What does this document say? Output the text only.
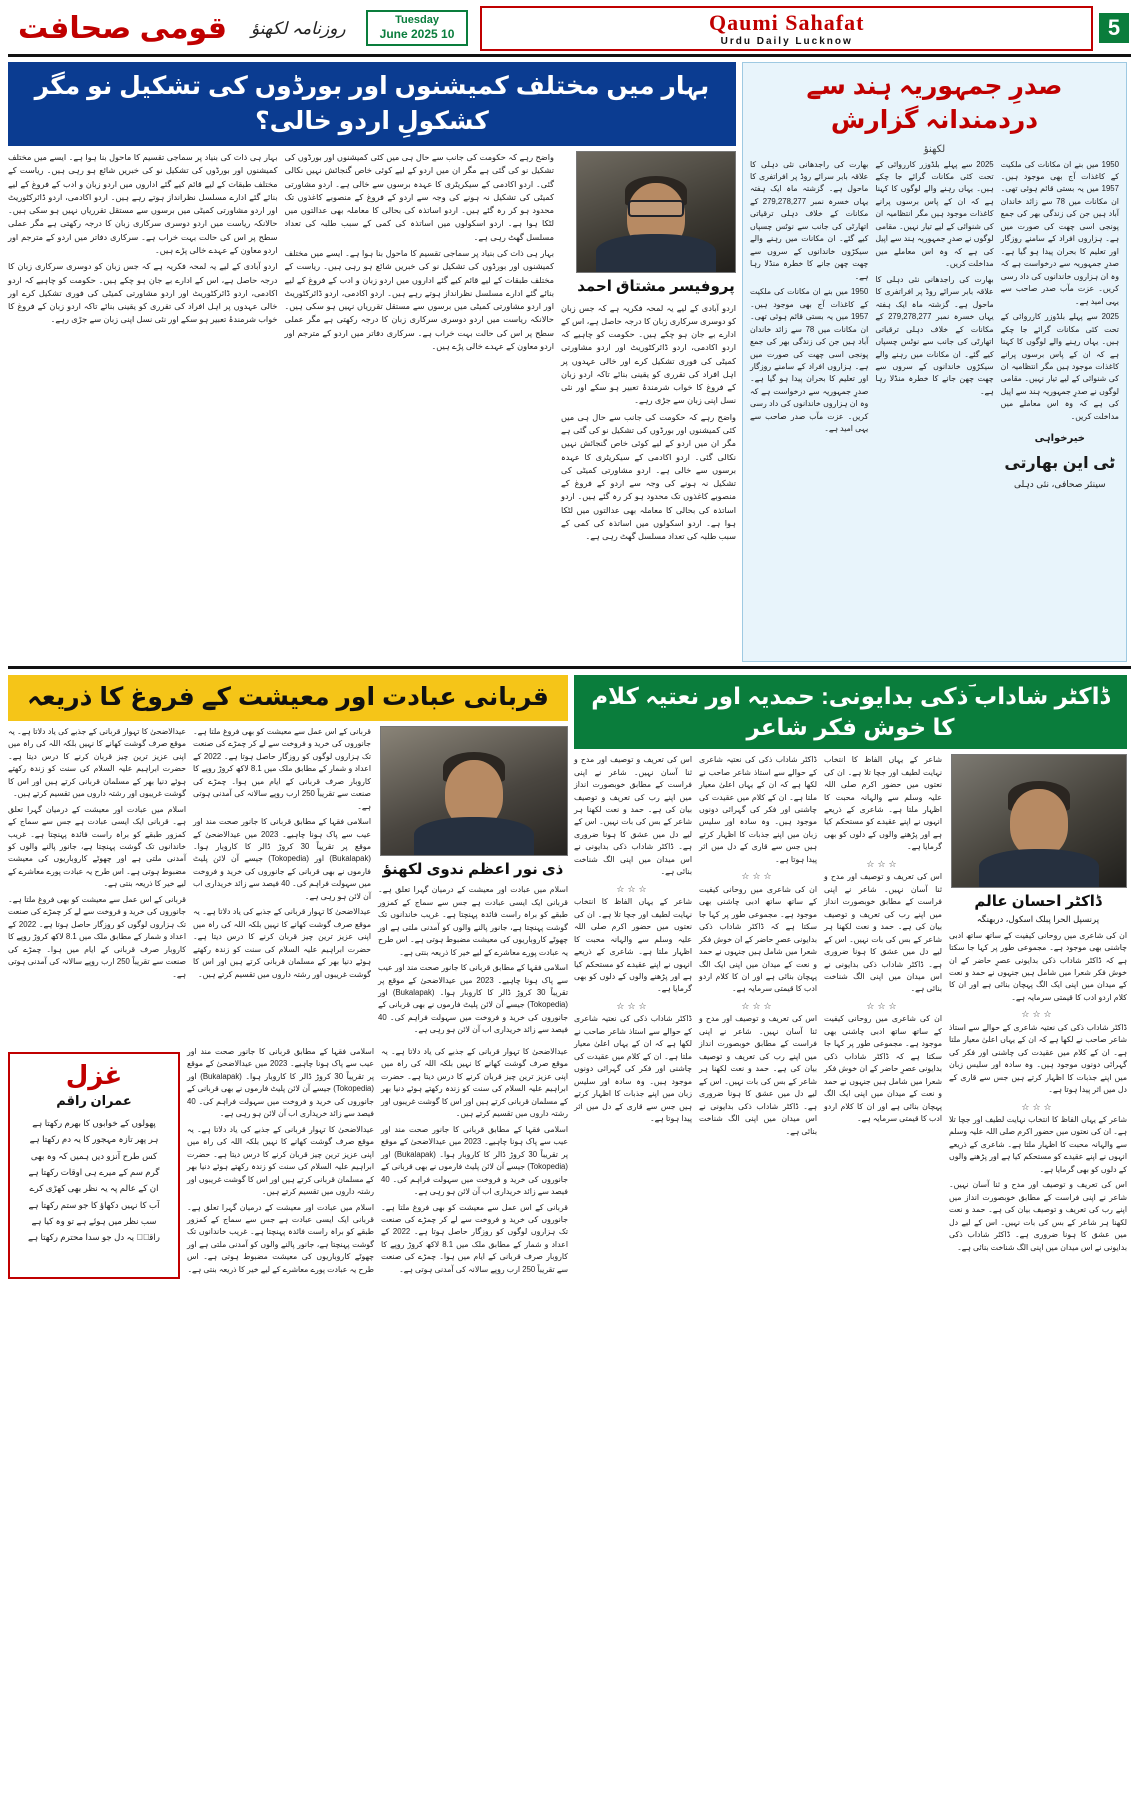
قومی صحافت	روزنامہ لکھنؤ	Tuesday
10 June 2025	Qaumi Sahafat
Urdu Daily Lucknow
5
بہار میں مختلف کمیشنوں اور بورڈوں کی تشکیل نو مگر کشکولِ اردو خالی؟

بہار ہی ذات کی بنیاد پر سماجی تقسیم کا ماحول بنا ہوا ہے۔ ایسے میں مختلف کمیشنوں اور بورڈوں کی تشکیل نو کی خبریں شائع ہو رہی ہیں۔ ریاست کے مختلف طبقات کے لیے قائم کیے گئے اداروں میں اردو زبان و ادب کے فروغ کے لیے بنائے گئے ادارے مسلسل نظرانداز ہوتے رہے ہیں۔ اردو اکادمی، اردو ڈائرکٹوریٹ اور اردو مشاورتی کمیٹی میں برسوں سے مستقل تقرریاں نہیں ہو سکی ہیں۔ حالانکہ ریاست میں اردو دوسری سرکاری زبان کا درجہ رکھتی ہے مگر عملی سطح پر اس کی حالت بہت خراب ہے۔ سرکاری دفاتر میں اردو کے مترجم اور اردو معاون کے عہدے خالی پڑے ہیں۔

اردو آبادی کے لیے یہ لمحہ فکریہ ہے کہ جس زبان کو دوسری سرکاری زبان کا درجہ حاصل ہے، اس کے ادارے بے جان ہو چکے ہیں۔ حکومت کو چاہیے کہ اردو اکادمی، اردو ڈائرکٹوریٹ اور اردو مشاورتی کمیٹی کی فوری تشکیل کرے اور خالی عہدوں پر اہل افراد کی تقرری کو یقینی بنائے تاکہ اردو زبان کے فروغ کا خواب شرمندۂ تعبیر ہو سکے اور نئی نسل اپنی زبان سے جڑی رہے۔

واضح رہے کہ حکومت کی جانب سے حال ہی میں کئی کمیشنوں اور بورڈوں کی تشکیل نو کی گئی ہے مگر ان میں اردو کے لیے کوئی خاص گنجائش نہیں نکالی گئی۔ اردو اکادمی کے سیکریٹری کا عہدہ برسوں سے خالی ہے۔ اردو مشاورتی کمیٹی کی تشکیل نہ ہونے کی وجہ سے اردو کے فروغ کے منصوبے کاغذوں تک محدود ہو کر رہ گئے ہیں۔ اردو اساتذہ کی بحالی کا معاملہ بھی عدالتوں میں لٹکا ہوا ہے۔ اردو اسکولوں میں اساتذہ کی کمی کے سبب طلبہ کی تعداد مسلسل گھٹ رہی ہے۔

بہار ہی ذات کی بنیاد پر سماجی تقسیم کا ماحول بنا ہوا ہے۔ ایسے میں مختلف کمیشنوں اور بورڈوں کی تشکیل نو کی خبریں شائع ہو رہی ہیں۔ ریاست کے مختلف طبقات کے لیے قائم کیے گئے اداروں میں اردو زبان و ادب کے فروغ کے لیے بنائے گئے ادارے مسلسل نظرانداز ہوتے رہے ہیں۔ اردو اکادمی، اردو ڈائرکٹوریٹ اور اردو مشاورتی کمیٹی میں برسوں سے مستقل تقرریاں نہیں ہو سکی ہیں۔ حالانکہ ریاست میں اردو دوسری سرکاری زبان کا درجہ رکھتی ہے مگر عملی سطح پر اس کی حالت بہت خراب ہے۔ سرکاری دفاتر میں اردو کے مترجم اور اردو معاون کے عہدے خالی پڑے ہیں۔

پروفیسر مشتاق احمد

اردو آبادی کے لیے یہ لمحہ فکریہ ہے کہ جس زبان کو دوسری سرکاری زبان کا درجہ حاصل ہے، اس کے ادارے بے جان ہو چکے ہیں۔ حکومت کو چاہیے کہ اردو اکادمی، اردو ڈائرکٹوریٹ اور اردو مشاورتی کمیٹی کی فوری تشکیل کرے اور خالی عہدوں پر اہل افراد کی تقرری کو یقینی بنائے تاکہ اردو زبان کے فروغ کا خواب شرمندۂ تعبیر ہو سکے اور نئی نسل اپنی زبان سے جڑی رہے۔

واضح رہے کہ حکومت کی جانب سے حال ہی میں کئی کمیشنوں اور بورڈوں کی تشکیل نو کی گئی ہے مگر ان میں اردو کے لیے کوئی خاص گنجائش نہیں نکالی گئی۔ اردو اکادمی کے سیکریٹری کا عہدہ برسوں سے خالی ہے۔ اردو مشاورتی کمیٹی کی تشکیل نہ ہونے کی وجہ سے اردو کے فروغ کے منصوبے کاغذوں تک محدود ہو کر رہ گئے ہیں۔ اردو اساتذہ کی بحالی کا معاملہ بھی عدالتوں میں لٹکا ہوا ہے۔ اردو اسکولوں میں اساتذہ کی کمی کے سبب طلبہ کی تعداد مسلسل گھٹ رہی ہے۔

صدرِ جمہوریہ ہند سے دردمندانہ گزارش
لکھنؤ

بھارت کی راجدھانی نئی دہلی کا علاقہ بابر سرائے روڈ پر افراتفری کا ماحول ہے۔ گزشتہ ماہ ایک ہفتہ یہاں خسرہ نمبر 279,278,277 کے مکانات کے خلاف دہلی ترقیاتی اتھارٹی کی جانب سے نوٹس چسپاں کیے گئے۔ ان مکانات میں رہنے والے سیکڑوں خاندانوں کے سروں سے چھت چھن جانے کا خطرہ منڈلا رہا ہے۔

1950 میں بنے ان مکانات کی ملکیت کے کاغذات آج بھی موجود ہیں۔ 1957 میں یہ بستی قائم ہوئی تھی۔ ان مکانات میں 78 سے زائد خاندان آباد ہیں جن کی زندگی بھر کی جمع پونجی اسی چھت کی صورت میں ہے۔ ہزاروں افراد کے سامنے روزگار اور تعلیم کا بحران پیدا ہو گیا ہے۔ صدرِ جمہوریہ سے درخواست ہے کہ وہ ان ہزاروں خاندانوں کی داد رسی کریں۔ عزت مآب صدر صاحب سے یہی امید ہے۔

2025 سے پہلے بلڈوزر کارروائی کے تحت کئی مکانات گرائے جا چکے ہیں۔ یہاں رہنے والے لوگوں کا کہنا ہے کہ ان کے پاس برسوں پرانے کاغذات موجود ہیں مگر انتظامیہ ان کی شنوائی کے لیے تیار نہیں۔ مقامی لوگوں نے صدرِ جمہوریہ ہند سے اپیل کی ہے کہ وہ اس معاملے میں مداخلت کریں۔

بھارت کی راجدھانی نئی دہلی کا علاقہ بابر سرائے روڈ پر افراتفری کا ماحول ہے۔ گزشتہ ماہ ایک ہفتہ یہاں خسرہ نمبر 279,278,277 کے مکانات کے خلاف دہلی ترقیاتی اتھارٹی کی جانب سے نوٹس چسپاں کیے گئے۔ ان مکانات میں رہنے والے سیکڑوں خاندانوں کے سروں سے چھت چھن جانے کا خطرہ منڈلا رہا ہے۔

1950 میں بنے ان مکانات کی ملکیت کے کاغذات آج بھی موجود ہیں۔ 1957 میں یہ بستی قائم ہوئی تھی۔ ان مکانات میں 78 سے زائد خاندان آباد ہیں جن کی زندگی بھر کی جمع پونجی اسی چھت کی صورت میں ہے۔ ہزاروں افراد کے سامنے روزگار اور تعلیم کا بحران پیدا ہو گیا ہے۔ صدرِ جمہوریہ سے درخواست ہے کہ وہ ان ہزاروں خاندانوں کی داد رسی کریں۔ عزت مآب صدر صاحب سے یہی امید ہے۔

2025 سے پہلے بلڈوزر کارروائی کے تحت کئی مکانات گرائے جا چکے ہیں۔ یہاں رہنے والے لوگوں کا کہنا ہے کہ ان کے پاس برسوں پرانے کاغذات موجود ہیں مگر انتظامیہ ان کی شنوائی کے لیے تیار نہیں۔ مقامی لوگوں نے صدرِ جمہوریہ ہند سے اپیل کی ہے کہ وہ اس معاملے میں مداخلت کریں۔

خیرخواہی
ٹی این بھارتی
سینئر صحافی، نئی دہلی
قربانی عبادت اور معیشت کے فروغ کا ذریعہ

عیدالاضحیٰ کا تہوار قربانی کے جذبے کی یاد دلاتا ہے۔ یہ موقع صرف گوشت کھانے کا نہیں بلکہ اللہ کی راہ میں اپنی عزیز ترین چیز قربان کرنے کا درس دیتا ہے۔ حضرت ابراہیم علیہ السلام کی سنت کو زندہ رکھتے ہوئے دنیا بھر کے مسلمان قربانی کرتے ہیں اور اس کا گوشت غریبوں اور رشتہ داروں میں تقسیم کرتے ہیں۔

اسلام میں عبادت اور معیشت کے درمیان گہرا تعلق ہے۔ قربانی ایک ایسی عبادت ہے جس سے سماج کے کمزور طبقے کو براہ راست فائدہ پہنچتا ہے۔ غریب خاندانوں تک گوشت پہنچتا ہے، جانور پالنے والوں کو آمدنی ملتی ہے اور چھوٹے کاروباریوں کی معیشت مضبوط ہوتی ہے۔ اس طرح یہ عبادت پورے معاشرے کے لیے خیر کا ذریعہ بنتی ہے۔

قربانی کے اس عمل سے معیشت کو بھی فروغ ملتا ہے۔ جانوروں کی خرید و فروخت سے لے کر چمڑے کی صنعت تک ہزاروں لوگوں کو روزگار حاصل ہوتا ہے۔ 2022 کے اعداد و شمار کے مطابق ملک میں 8.1 لاکھ کروڑ روپے کا کاروبار صرف قربانی کے ایام میں ہوا۔ چمڑے کی صنعت سے تقریباً 250 ارب روپے سالانہ کی آمدنی ہوتی ہے۔

قربانی کے اس عمل سے معیشت کو بھی فروغ ملتا ہے۔ جانوروں کی خرید و فروخت سے لے کر چمڑے کی صنعت تک ہزاروں لوگوں کو روزگار حاصل ہوتا ہے۔ 2022 کے اعداد و شمار کے مطابق ملک میں 8.1 لاکھ کروڑ روپے کا کاروبار صرف قربانی کے ایام میں ہوا۔ چمڑے کی صنعت سے تقریباً 250 ارب روپے سالانہ کی آمدنی ہوتی ہے۔

اسلامی فقہا کے مطابق قربانی کا جانور صحت مند اور عیب سے پاک ہونا چاہیے۔ 2023 میں عیدالاضحیٰ کے موقع پر تقریباً 30 کروڑ ڈالر کا کاروبار ہوا۔ (Bukalapak) اور (Tokopedia) جیسے آن لائن پلیٹ فارموں نے بھی قربانی کے جانوروں کی خرید و فروخت میں سہولت فراہم کی۔ 40 فیصد سے زائد خریداری اب آن لائن ہو رہی ہے۔

عیدالاضحیٰ کا تہوار قربانی کے جذبے کی یاد دلاتا ہے۔ یہ موقع صرف گوشت کھانے کا نہیں بلکہ اللہ کی راہ میں اپنی عزیز ترین چیز قربان کرنے کا درس دیتا ہے۔ حضرت ابراہیم علیہ السلام کی سنت کو زندہ رکھتے ہوئے دنیا بھر کے مسلمان قربانی کرتے ہیں اور اس کا گوشت غریبوں اور رشتہ داروں میں تقسیم کرتے ہیں۔

ذی نور اعظم ندوی لکھنؤ

اسلام میں عبادت اور معیشت کے درمیان گہرا تعلق ہے۔ قربانی ایک ایسی عبادت ہے جس سے سماج کے کمزور طبقے کو براہ راست فائدہ پہنچتا ہے۔ غریب خاندانوں تک گوشت پہنچتا ہے، جانور پالنے والوں کو آمدنی ملتی ہے اور چھوٹے کاروباریوں کی معیشت مضبوط ہوتی ہے۔ اس طرح یہ عبادت پورے معاشرے کے لیے خیر کا ذریعہ بنتی ہے۔

اسلامی فقہا کے مطابق قربانی کا جانور صحت مند اور عیب سے پاک ہونا چاہیے۔ 2023 میں عیدالاضحیٰ کے موقع پر تقریباً 30 کروڑ ڈالر کا کاروبار ہوا۔ (Bukalapak) اور (Tokopedia) جیسے آن لائن پلیٹ فارموں نے بھی قربانی کے جانوروں کی خرید و فروخت میں سہولت فراہم کی۔ 40 فیصد سے زائد خریداری اب آن لائن ہو رہی ہے۔

غزل
عمران راقم
پھولوں کے خوابوں کا بھرم رکھتا ہے
ہر پھر تازہ مہجور کا یہ دم رکھتا ہے
کس طرح آنزو دیں ہمیں کہ وہ بھی
گرم سم کے میرے ہی اوقات رکھتا ہے
ان کے عالم پہ یہ نظر بھی کھڑی کرے
آب کا نہیں دکھاؤ کا جو ستم رکھتا ہے
سب نظر میں ہوئے ہے تو وہ کیا ہے
راقمؔ یہ دل جو سدا محترم رکھتا ہے

اسلامی فقہا کے مطابق قربانی کا جانور صحت مند اور عیب سے پاک ہونا چاہیے۔ 2023 میں عیدالاضحیٰ کے موقع پر تقریباً 30 کروڑ ڈالر کا کاروبار ہوا۔ (Bukalapak) اور (Tokopedia) جیسے آن لائن پلیٹ فارموں نے بھی قربانی کے جانوروں کی خرید و فروخت میں سہولت فراہم کی۔ 40 فیصد سے زائد خریداری اب آن لائن ہو رہی ہے۔

عیدالاضحیٰ کا تہوار قربانی کے جذبے کی یاد دلاتا ہے۔ یہ موقع صرف گوشت کھانے کا نہیں بلکہ اللہ کی راہ میں اپنی عزیز ترین چیز قربان کرنے کا درس دیتا ہے۔ حضرت ابراہیم علیہ السلام کی سنت کو زندہ رکھتے ہوئے دنیا بھر کے مسلمان قربانی کرتے ہیں اور اس کا گوشت غریبوں اور رشتہ داروں میں تقسیم کرتے ہیں۔

اسلام میں عبادت اور معیشت کے درمیان گہرا تعلق ہے۔ قربانی ایک ایسی عبادت ہے جس سے سماج کے کمزور طبقے کو براہ راست فائدہ پہنچتا ہے۔ غریب خاندانوں تک گوشت پہنچتا ہے، جانور پالنے والوں کو آمدنی ملتی ہے اور چھوٹے کاروباریوں کی معیشت مضبوط ہوتی ہے۔ اس طرح یہ عبادت پورے معاشرے کے لیے خیر کا ذریعہ بنتی ہے۔

عیدالاضحیٰ کا تہوار قربانی کے جذبے کی یاد دلاتا ہے۔ یہ موقع صرف گوشت کھانے کا نہیں بلکہ اللہ کی راہ میں اپنی عزیز ترین چیز قربان کرنے کا درس دیتا ہے۔ حضرت ابراہیم علیہ السلام کی سنت کو زندہ رکھتے ہوئے دنیا بھر کے مسلمان قربانی کرتے ہیں اور اس کا گوشت غریبوں اور رشتہ داروں میں تقسیم کرتے ہیں۔

اسلامی فقہا کے مطابق قربانی کا جانور صحت مند اور عیب سے پاک ہونا چاہیے۔ 2023 میں عیدالاضحیٰ کے موقع پر تقریباً 30 کروڑ ڈالر کا کاروبار ہوا۔ (Bukalapak) اور (Tokopedia) جیسے آن لائن پلیٹ فارموں نے بھی قربانی کے جانوروں کی خرید و فروخت میں سہولت فراہم کی۔ 40 فیصد سے زائد خریداری اب آن لائن ہو رہی ہے۔

قربانی کے اس عمل سے معیشت کو بھی فروغ ملتا ہے۔ جانوروں کی خرید و فروخت سے لے کر چمڑے کی صنعت تک ہزاروں لوگوں کو روزگار حاصل ہوتا ہے۔ 2022 کے اعداد و شمار کے مطابق ملک میں 8.1 لاکھ کروڑ روپے کا کاروبار صرف قربانی کے ایام میں ہوا۔ چمڑے کی صنعت سے تقریباً 250 ارب روپے سالانہ کی آمدنی ہوتی ہے۔

ڈاکٹر شاداب ؔذکی بدایونی: حمدیہ اور نعتیہ کلام کا خوش فکر شاعر

اس کی تعریف و توصیف اور مدح و ثنا آسان نہیں۔ شاعر نے اپنی فراست کے مطابق خوبصورت انداز میں اپنے رب کی تعریف و توصیف بیان کی ہے۔ حمد و نعت لکھنا ہر شاعر کے بس کی بات نہیں۔ اس کے لیے دل میں عشق کا ہونا ضروری ہے۔ ڈاکٹر شاداب ذکی بدایونی نے اس میدان میں اپنی الگ شناخت بنائی ہے۔

☆☆☆

شاعر کے یہاں الفاظ کا انتخاب نہایت لطیف اور جچا تلا ہے۔ ان کی نعتوں میں حضور اکرم صلی اللہ علیہ وسلم سے والہانہ محبت کا اظہار ملتا ہے۔ شاعری کے ذریعے انہوں نے اپنے عقیدے کو مستحکم کیا ہے اور پڑھنے والوں کے دلوں کو بھی گرمایا ہے۔

☆☆☆

ڈاکٹر شاداب ذکی کی نعتیہ شاعری کے حوالے سے استاذ شاعر صاحب نے لکھا ہے کہ ان کے یہاں اعلیٰ معیار ملتا ہے۔ ان کے کلام میں عقیدت کی چاشنی اور فکر کی گہرائی دونوں موجود ہیں۔ وہ سادہ اور سلیس زبان میں اپنے جذبات کا اظہار کرتے ہیں جس سے قاری کے دل میں اثر پیدا ہوتا ہے۔

ڈاکٹر شاداب ذکی کی نعتیہ شاعری کے حوالے سے استاذ شاعر صاحب نے لکھا ہے کہ ان کے یہاں اعلیٰ معیار ملتا ہے۔ ان کے کلام میں عقیدت کی چاشنی اور فکر کی گہرائی دونوں موجود ہیں۔ وہ سادہ اور سلیس زبان میں اپنے جذبات کا اظہار کرتے ہیں جس سے قاری کے دل میں اثر پیدا ہوتا ہے۔

☆☆☆

ان کی شاعری میں روحانی کیفیت کے ساتھ ساتھ ادبی چاشنی بھی موجود ہے۔ مجموعی طور پر کہا جا سکتا ہے کہ ڈاکٹر شاداب ذکی بدایونی عصرِ حاضر کے ان خوش فکر شعرا میں شامل ہیں جنہوں نے حمد و نعت کے میدان میں اپنی ایک الگ پہچان بنائی ہے اور ان کا کلام اردو ادب کا قیمتی سرمایہ ہے۔

☆☆☆

اس کی تعریف و توصیف اور مدح و ثنا آسان نہیں۔ شاعر نے اپنی فراست کے مطابق خوبصورت انداز میں اپنے رب کی تعریف و توصیف بیان کی ہے۔ حمد و نعت لکھنا ہر شاعر کے بس کی بات نہیں۔ اس کے لیے دل میں عشق کا ہونا ضروری ہے۔ ڈاکٹر شاداب ذکی بدایونی نے اس میدان میں اپنی الگ شناخت بنائی ہے۔

شاعر کے یہاں الفاظ کا انتخاب نہایت لطیف اور جچا تلا ہے۔ ان کی نعتوں میں حضور اکرم صلی اللہ علیہ وسلم سے والہانہ محبت کا اظہار ملتا ہے۔ شاعری کے ذریعے انہوں نے اپنے عقیدے کو مستحکم کیا ہے اور پڑھنے والوں کے دلوں کو بھی گرمایا ہے۔

☆☆☆

اس کی تعریف و توصیف اور مدح و ثنا آسان نہیں۔ شاعر نے اپنی فراست کے مطابق خوبصورت انداز میں اپنے رب کی تعریف و توصیف بیان کی ہے۔ حمد و نعت لکھنا ہر شاعر کے بس کی بات نہیں۔ اس کے لیے دل میں عشق کا ہونا ضروری ہے۔ ڈاکٹر شاداب ذکی بدایونی نے اس میدان میں اپنی الگ شناخت بنائی ہے۔

☆☆☆

ان کی شاعری میں روحانی کیفیت کے ساتھ ساتھ ادبی چاشنی بھی موجود ہے۔ مجموعی طور پر کہا جا سکتا ہے کہ ڈاکٹر شاداب ذکی بدایونی عصرِ حاضر کے ان خوش فکر شعرا میں شامل ہیں جنہوں نے حمد و نعت کے میدان میں اپنی ایک الگ پہچان بنائی ہے اور ان کا کلام اردو ادب کا قیمتی سرمایہ ہے۔

ڈاکٹر احسان عالم
پرنسپل الحرا پبلک اسکول، دربھنگہ

ان کی شاعری میں روحانی کیفیت کے ساتھ ساتھ ادبی چاشنی بھی موجود ہے۔ مجموعی طور پر کہا جا سکتا ہے کہ ڈاکٹر شاداب ذکی بدایونی عصرِ حاضر کے ان خوش فکر شعرا میں شامل ہیں جنہوں نے حمد و نعت کے میدان میں اپنی ایک الگ پہچان بنائی ہے اور ان کا کلام اردو ادب کا قیمتی سرمایہ ہے۔

☆☆☆

ڈاکٹر شاداب ذکی کی نعتیہ شاعری کے حوالے سے استاذ شاعر صاحب نے لکھا ہے کہ ان کے یہاں اعلیٰ معیار ملتا ہے۔ ان کے کلام میں عقیدت کی چاشنی اور فکر کی گہرائی دونوں موجود ہیں۔ وہ سادہ اور سلیس زبان میں اپنے جذبات کا اظہار کرتے ہیں جس سے قاری کے دل میں اثر پیدا ہوتا ہے۔

☆☆☆

شاعر کے یہاں الفاظ کا انتخاب نہایت لطیف اور جچا تلا ہے۔ ان کی نعتوں میں حضور اکرم صلی اللہ علیہ وسلم سے والہانہ محبت کا اظہار ملتا ہے۔ شاعری کے ذریعے انہوں نے اپنے عقیدے کو مستحکم کیا ہے اور پڑھنے والوں کے دلوں کو بھی گرمایا ہے۔

اس کی تعریف و توصیف اور مدح و ثنا آسان نہیں۔ شاعر نے اپنی فراست کے مطابق خوبصورت انداز میں اپنے رب کی تعریف و توصیف بیان کی ہے۔ حمد و نعت لکھنا ہر شاعر کے بس کی بات نہیں۔ اس کے لیے دل میں عشق کا ہونا ضروری ہے۔ ڈاکٹر شاداب ذکی بدایونی نے اس میدان میں اپنی الگ شناخت بنائی ہے۔
